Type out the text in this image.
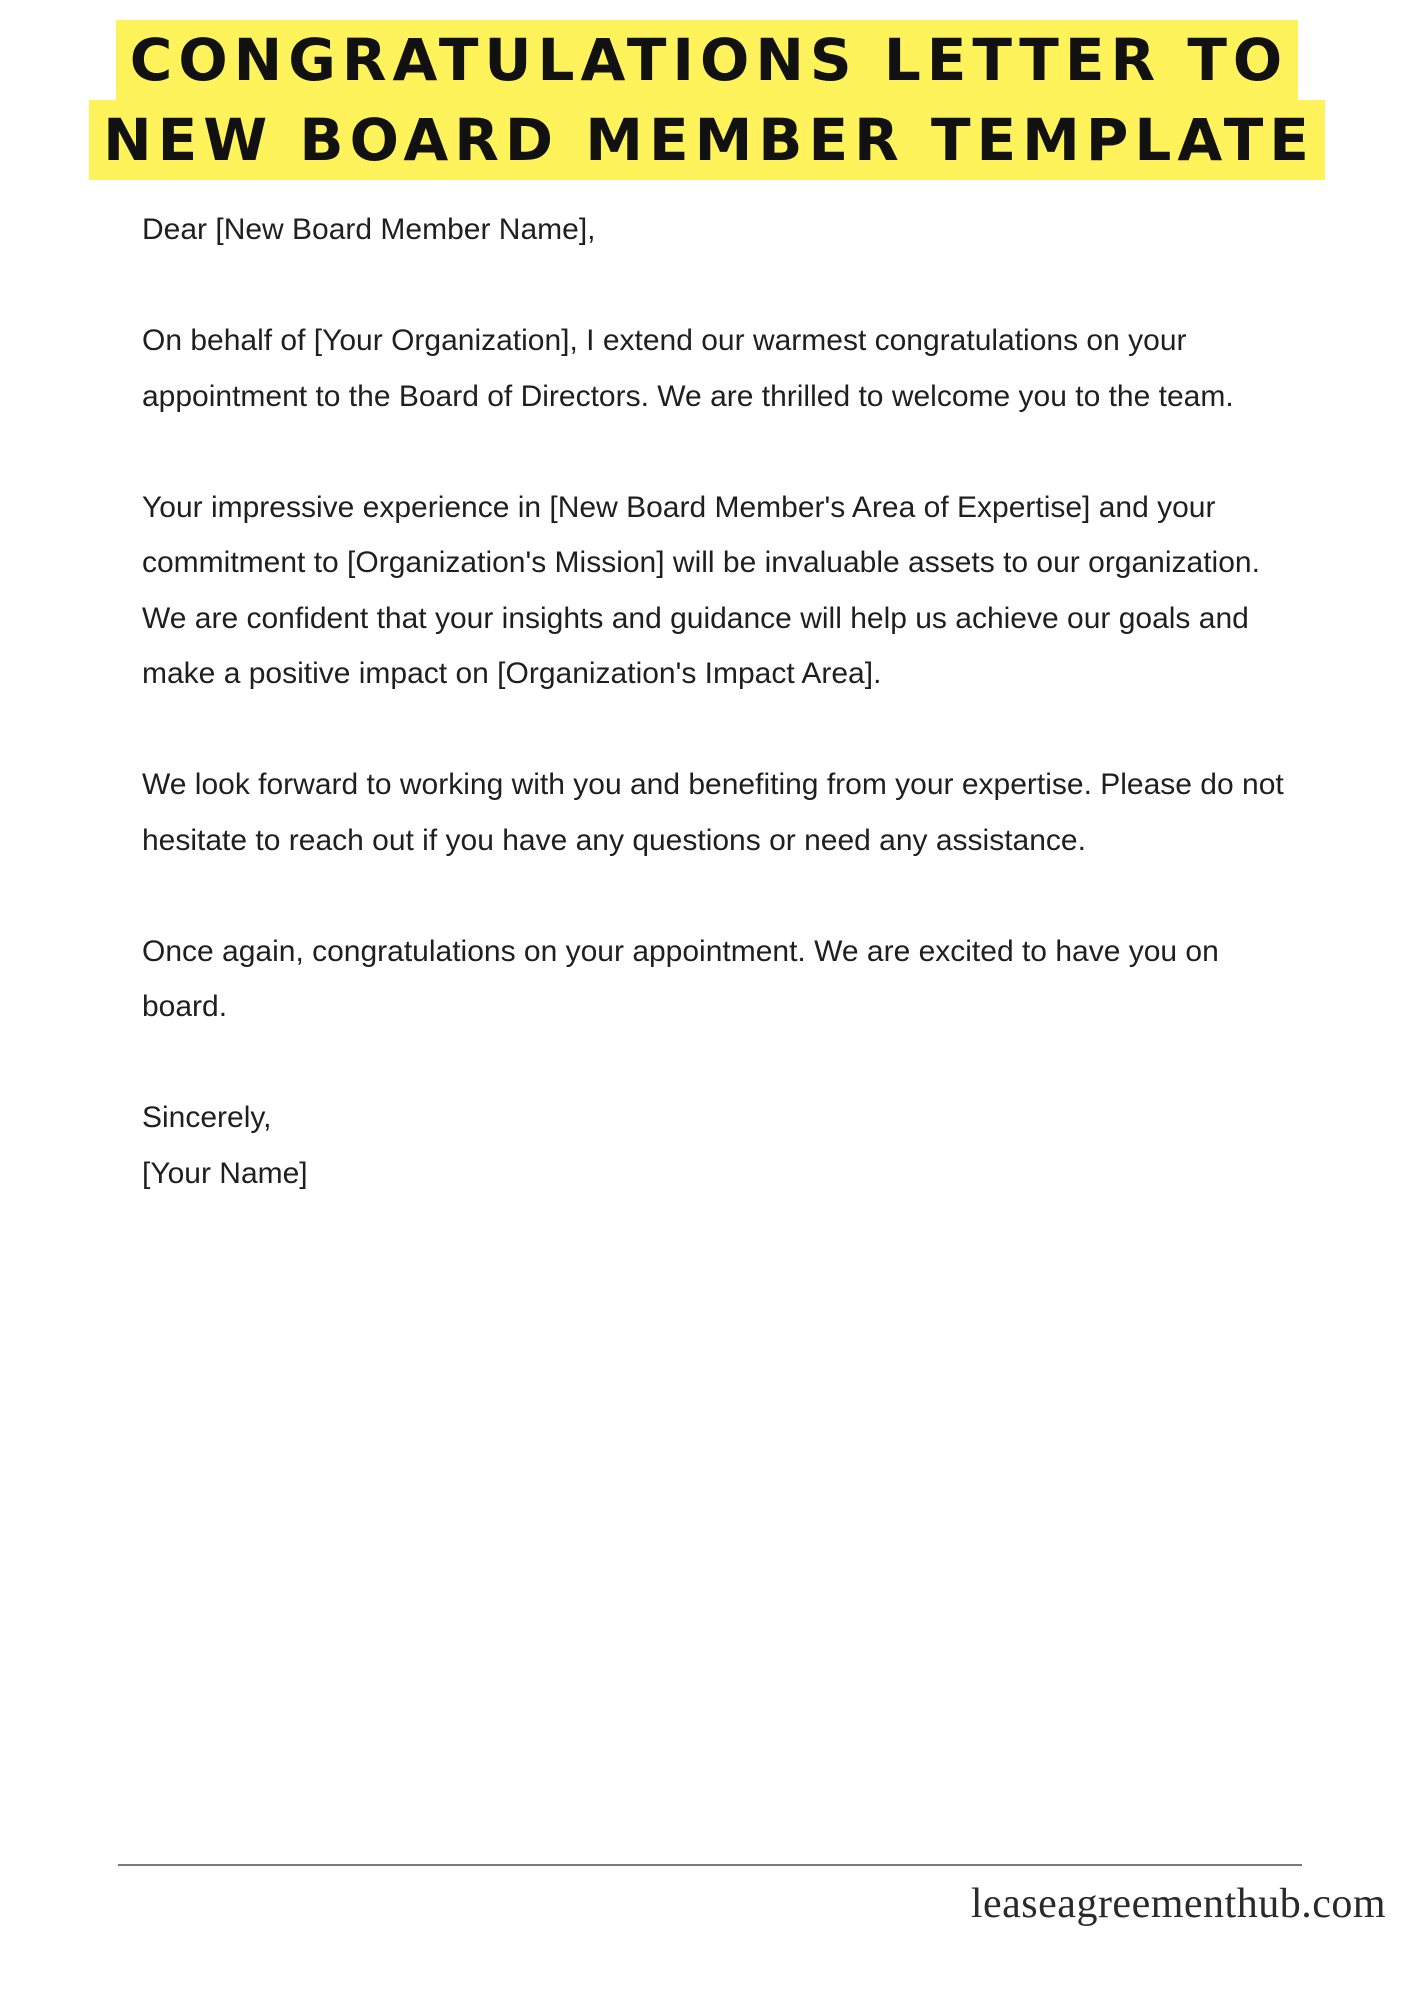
CONGRATULATIONS LETTER TO
NEW BOARD MEMBER TEMPLATE

Dear [New Board Member Name],

On behalf of [Your Organization], I extend our warmest congratulations on your appointment to the Board of Directors. We are thrilled to welcome you to the team.

Your impressive experience in [New Board Member's Area of Expertise] and your commitment to [Organization's Mission] will be invaluable assets to our organization. We are confident that your insights and guidance will help us achieve our goals and make a positive impact on [Organization's Impact Area].

We look forward to working with you and benefiting from your expertise. Please do not hesitate to reach out if you have any questions or need any assistance.

Once again, congratulations on your appointment. We are excited to have you on board.

Sincerely,
[Your Name]
leaseagreementhub.com
